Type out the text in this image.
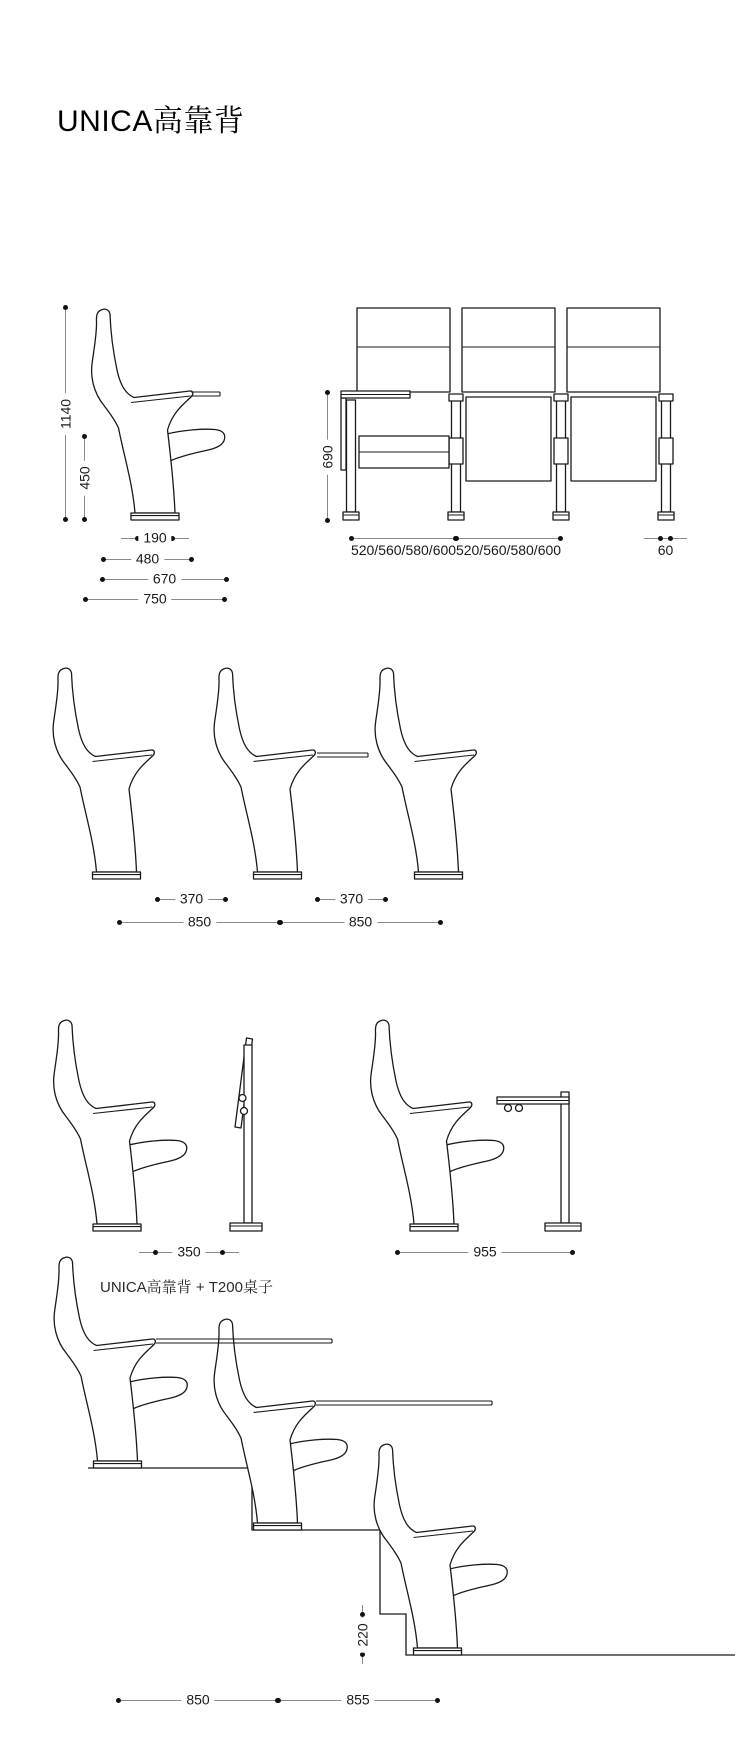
UNICA高靠背
1140
450
190
480
670
750
690
520/560/580/600 520/560/580/600	60
370	370
850	850
350	955
UNICA高靠背 + T200桌子
220
850	855
